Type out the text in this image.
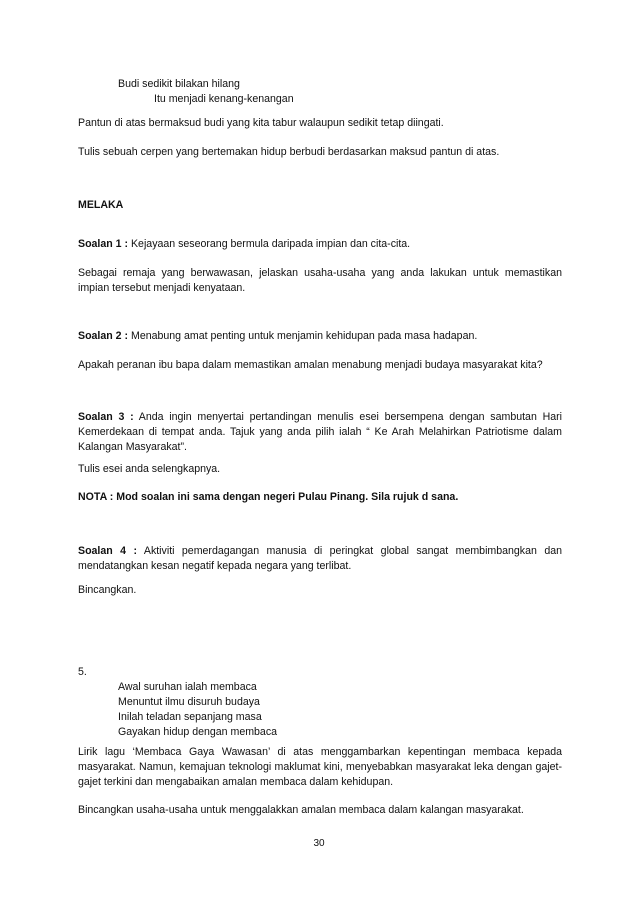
Budi sedikit bilakan hilang

Itu menjadi kenang-kenangan

Pantun di atas bermaksud budi yang kita tabur walaupun sedikit tetap diingati.

Tulis sebuah cerpen yang bertemakan hidup berbudi berdasarkan maksud pantun di atas.

MELAKA

Soalan 1 : Kejayaan seseorang bermula daripada impian dan cita-cita.

Sebagai remaja yang berwawasan, jelaskan usaha-usaha yang anda lakukan untuk memastikan impian tersebut menjadi kenyataan.

Soalan 2 : Menabung amat penting untuk menjamin kehidupan pada masa hadapan.

Apakah peranan ibu bapa dalam memastikan amalan menabung menjadi budaya masyarakat kita?

Soalan 3 : Anda ingin menyertai pertandingan menulis esei bersempena dengan sambutan Hari Kemerdekaan di tempat anda. Tajuk yang anda pilih ialah “ Ke Arah Melahirkan Patriotisme dalam Kalangan Masyarakat”.

Tulis esei anda selengkapnya.

NOTA : Mod soalan ini sama dengan negeri Pulau Pinang. Sila rujuk d sana.

Soalan 4 : Aktiviti pemerdagangan manusia di peringkat global sangat membimbangkan dan mendatangkan kesan negatif kepada negara yang terlibat.

Bincangkan.

5.

Awal suruhan ialah membaca

Menuntut ilmu disuruh budaya

Inilah teladan sepanjang masa

Gayakan hidup dengan membaca

Lirik lagu ‘Membaca Gaya Wawasan’ di atas menggambarkan kepentingan membaca kepada masyarakat. Namun, kemajuan teknologi maklumat kini, menyebabkan masyarakat leka dengan gajet-gajet terkini dan mengabaikan amalan membaca dalam kehidupan.

Bincangkan usaha-usaha untuk menggalakkan amalan membaca dalam kalangan masyarakat.

30
